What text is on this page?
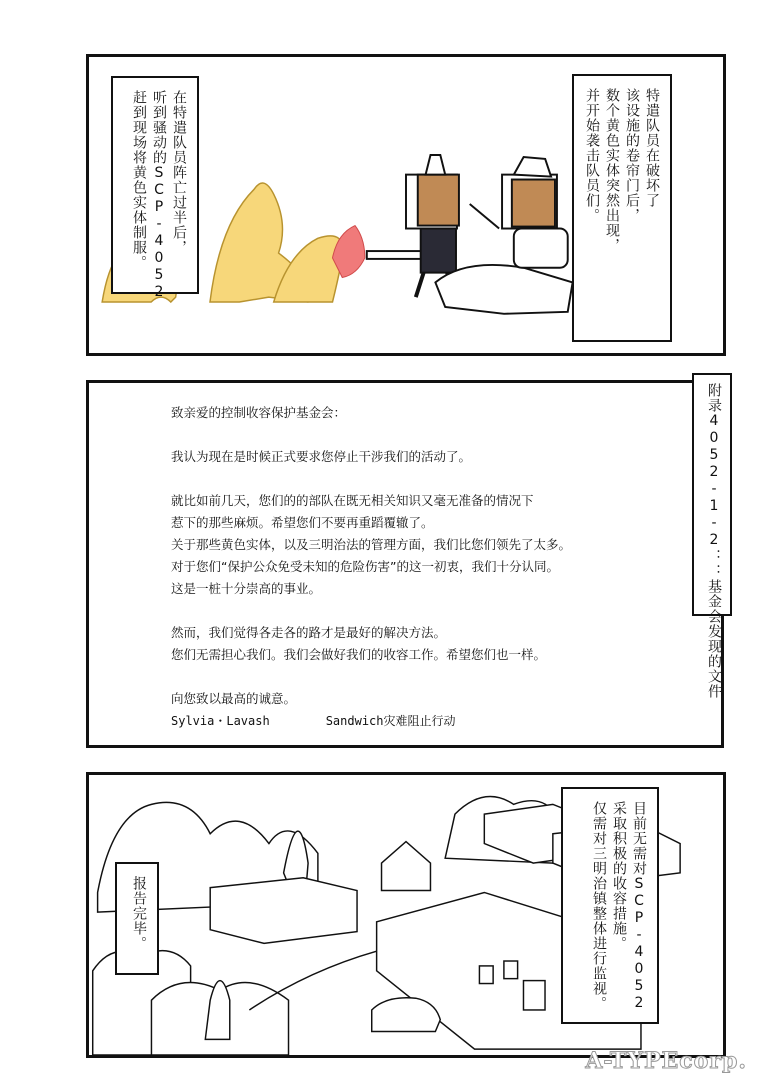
在特遣队员阵亡过半后，
听到骚动的SCP-4052
赶到现场将黄色实体制服。	特遣队员在破坏了
该设施的卷帘门后，
数个黄色实体突然出现，
并开始袭击队员们。

致亲爱的控制收容保护基金会：

我认为现在是时候正式要求您停止干涉我们的活动了。

就比如前几天，您们的的部队在既无相关知识又毫无准备的情况下

惹下的那些麻烦。希望您们不要再重蹈覆辙了。

关于那些黄色实体，以及三明治法的管理方面，我们比您们领先了太多。

对于您们“保护公众免受未知的危险伤害”的这一初衷，我们十分认同。

这是一桩十分崇高的事业。

然而，我们觉得各走各的路才是最好的解决方法。

您们无需担心我们。我们会做好我们的收容工作。希望您们也一样。

向您致以最高的诚意。

Sylvia・Lavash	Sandwich灾难阻止行动
附录4052-1-2：：基金会发现的文件
报告完毕。	目前无需对SCP-4052
采取积极的收容措施。
仅需对三明治镇整体进行监视。
A-TYPEcorp.
